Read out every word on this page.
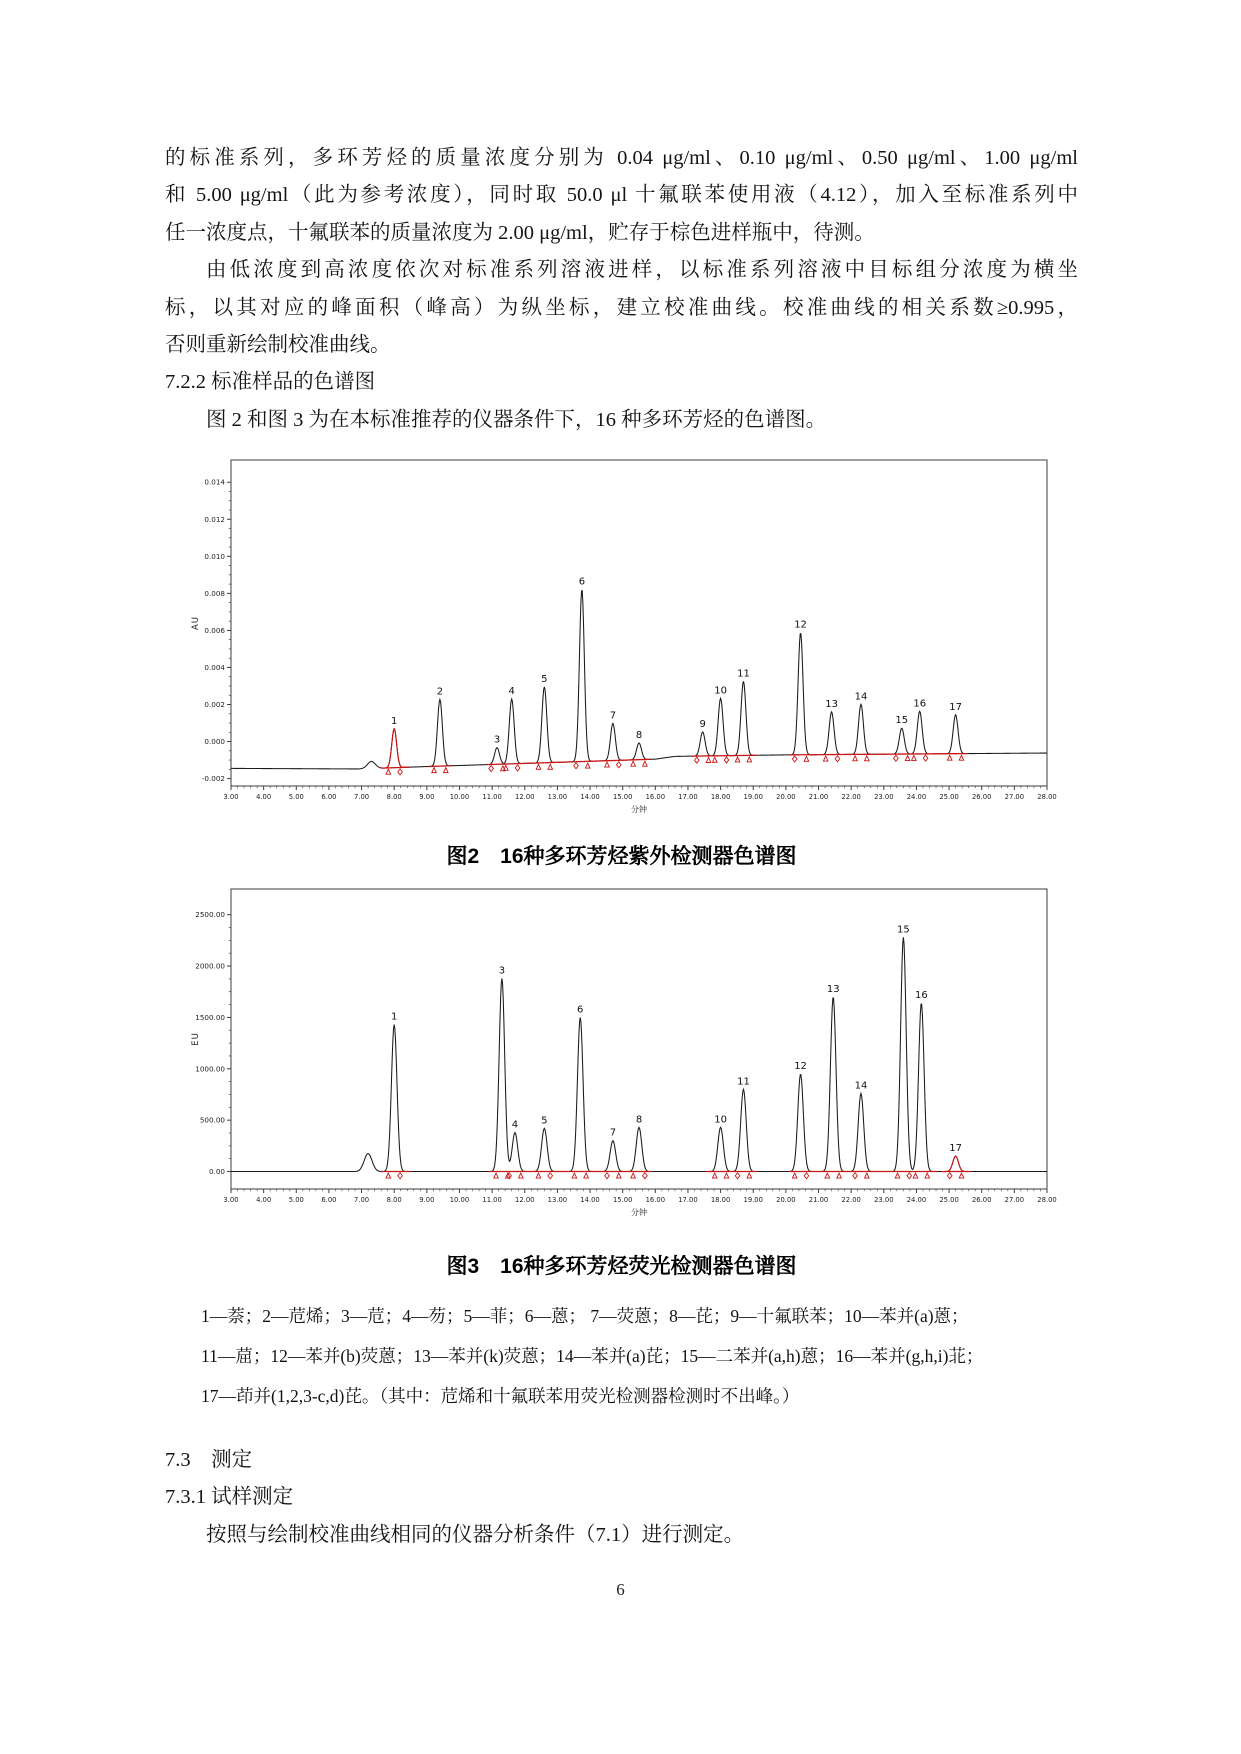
的标准系列，多环芳烃的质量浓度分别为 0.04 μg/ml、0.10 μg/ml、0.50 μg/ml、1.00 μg/ml
和 5.00 μg/ml（此为参考浓度），同时取 50.0 μl 十氟联苯使用液（4.12），加入至标准系列中
任一浓度点，十氟联苯的质量浓度为 2.00 μg/ml，贮存于棕色进样瓶中，待测。
由低浓度到高浓度依次对标准系列溶液进样，以标准系列溶液中目标组分浓度为横坐
标，以其对应的峰面积（峰高）为纵坐标，建立校准曲线。校准曲线的相关系数≥0.995，
否则重新绘制校准曲线。
7.2.2 标准样品的色谱图
图 2 和图 3 为在本标准推荐的仪器条件下，16 种多环芳烃的色谱图。
0.014
0.012
0.010
0.008
0.006
0.004
0.002
0.000
-0.002
3.00	4.00	5.00	6.00	7.00	8.00	9.00 10.00 11.00 12.00 13.00 14.00 15.00 16.00 17.00 18.00 19.00 20.00 21.00 22.00 23.00 24.00 25.00 26.00 27.00 28.00
分钟
AU
1
2
3
4
5
6
7
8
9
10
11
12
13
14
15
16 17
图2　16种多环芳烃紫外检测器色谱图
2500.00
2000.00
1500.00
1000.00
500.00
0.00
3.00	4.00	5.00	6.00	7.00	8.00	9.00 10.00 11.00 12.00 13.00 14.00 15.00 16.00 17.00 18.00 19.00 20.00 21.00 22.00 23.00 24.00 25.00 26.00 27.00 28.00
分钟
EU
1
3
4 5
6
7
8	10
11
12
13
14
15
16
17
图3　16种多环芳烃荧光检测器色谱图
1—萘；2—苊烯；3—苊；4—芴；5—菲；6—蒽； 7—荧蒽；8—芘；9—十氟联苯；10—苯并(a)蒽；
11—䓛；12—苯并(b)荧蒽；13—苯并(k)荧蒽；14—苯并(a)芘；15—二苯并(a,h)蒽；16—苯并(g,h,i)苝；
17—茚并(1,2,3-c,d)芘。（其中：苊烯和十氟联苯用荧光检测器检测时不出峰。）
7.3　测定
7.3.1 试样测定
按照与绘制校准曲线相同的仪器分析条件（7.1）进行测定。
6
